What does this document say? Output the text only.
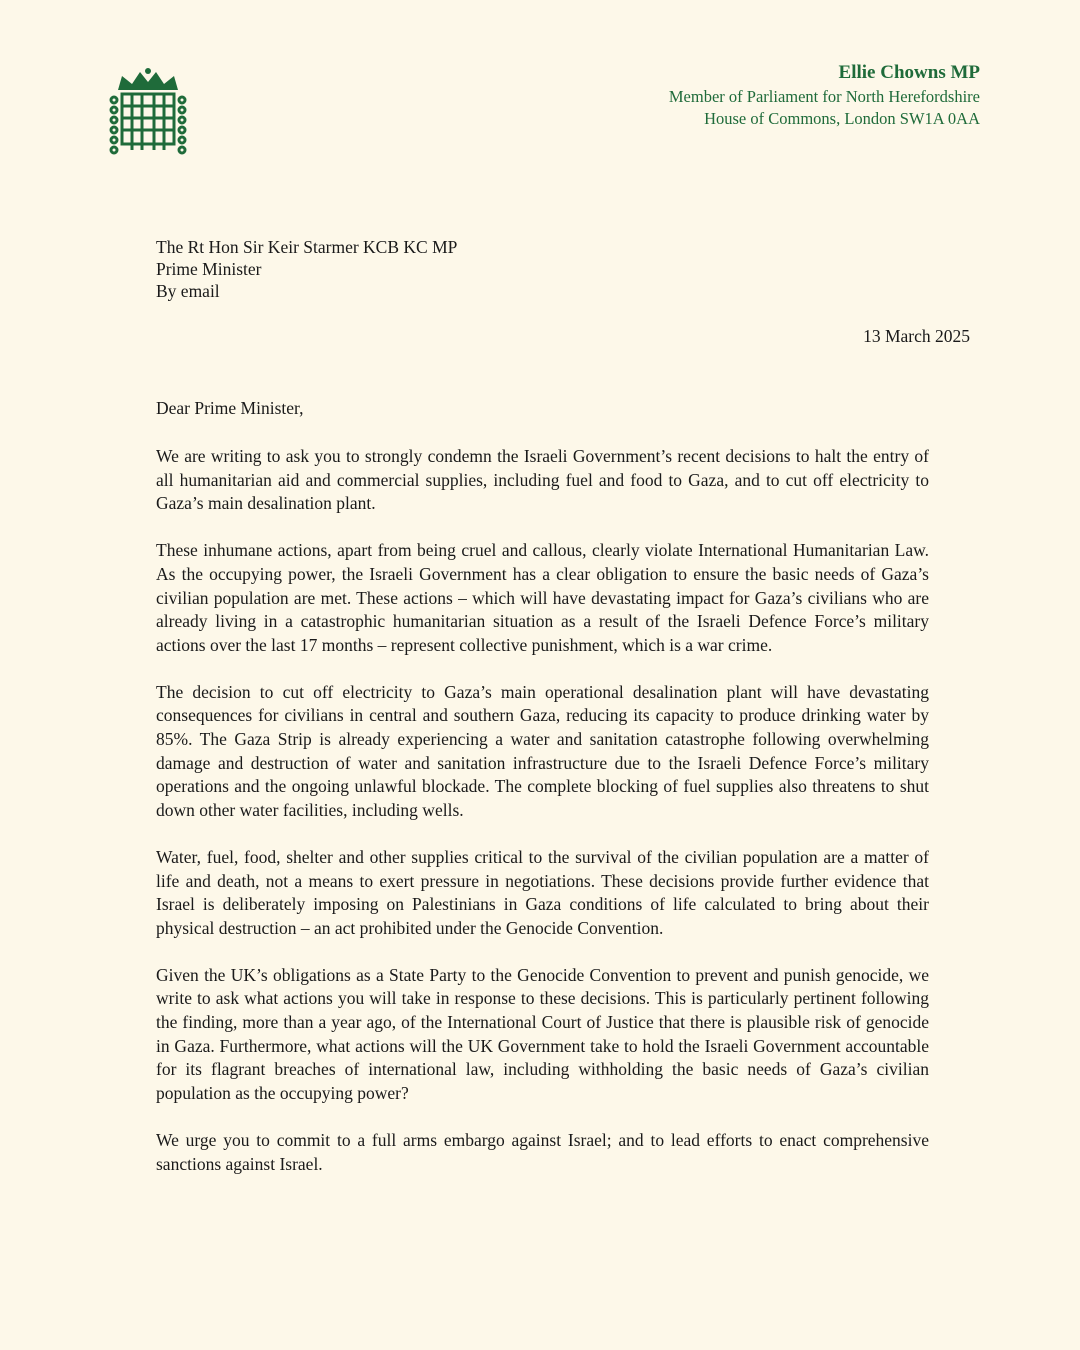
Ellie Chowns MP
Member of Parliament for North Herefordshire
House of Commons, London SW1A 0AA
The Rt Hon Sir Keir Starmer KCB KC MP
Prime Minister
By email
13 March 2025
Dear Prime Minister,

We are writing to ask you to strongly condemn the Israeli Government’s recent decisions to halt the entry of all humanitarian aid and commercial supplies, including fuel and food to Gaza, and to cut off electricity to Gaza’s main desalination plant.

These inhumane actions, apart from being cruel and callous, clearly violate International Humanitarian Law. As the occupying power, the Israeli Government has a clear obligation to ensure the basic needs of Gaza’s civilian population are met. These actions – which will have devastating impact for Gaza’s civilians who are already living in a catastrophic humanitarian situation as a result of the Israeli Defence Force’s military actions over the last 17 months – represent collective punishment, which is a war crime.

The decision to cut off electricity to Gaza’s main operational desalination plant will have devastating consequences for civilians in central and southern Gaza, reducing its capacity to produce drinking water by 85%. The Gaza Strip is already experiencing a water and sanitation catastrophe following overwhelming damage and destruction of water and sanitation infrastructure due to the Israeli Defence Force’s military operations and the ongoing unlawful blockade. The complete blocking of fuel supplies also threatens to shut down other water facilities, including wells.

Water, fuel, food, shelter and other supplies critical to the survival of the civilian population are a matter of life and death, not a means to exert pressure in negotiations. These decisions provide further evidence that Israel is deliberately imposing on Palestinians in Gaza conditions of life calculated to bring about their physical destruction – an act prohibited under the Genocide Convention.

Given the UK’s obligations as a State Party to the Genocide Convention to prevent and punish genocide, we write to ask what actions you will take in response to these decisions. This is particularly pertinent following the finding, more than a year ago, of the International Court of Justice that there is plausible risk of genocide in Gaza. Furthermore, what actions will the UK Government take to hold the Israeli Government accountable for its flagrant breaches of international law, including withholding the basic needs of Gaza’s civilian population as the occupying power?

We urge you to commit to a full arms embargo against Israel; and to lead efforts to enact comprehensive sanctions against Israel.
